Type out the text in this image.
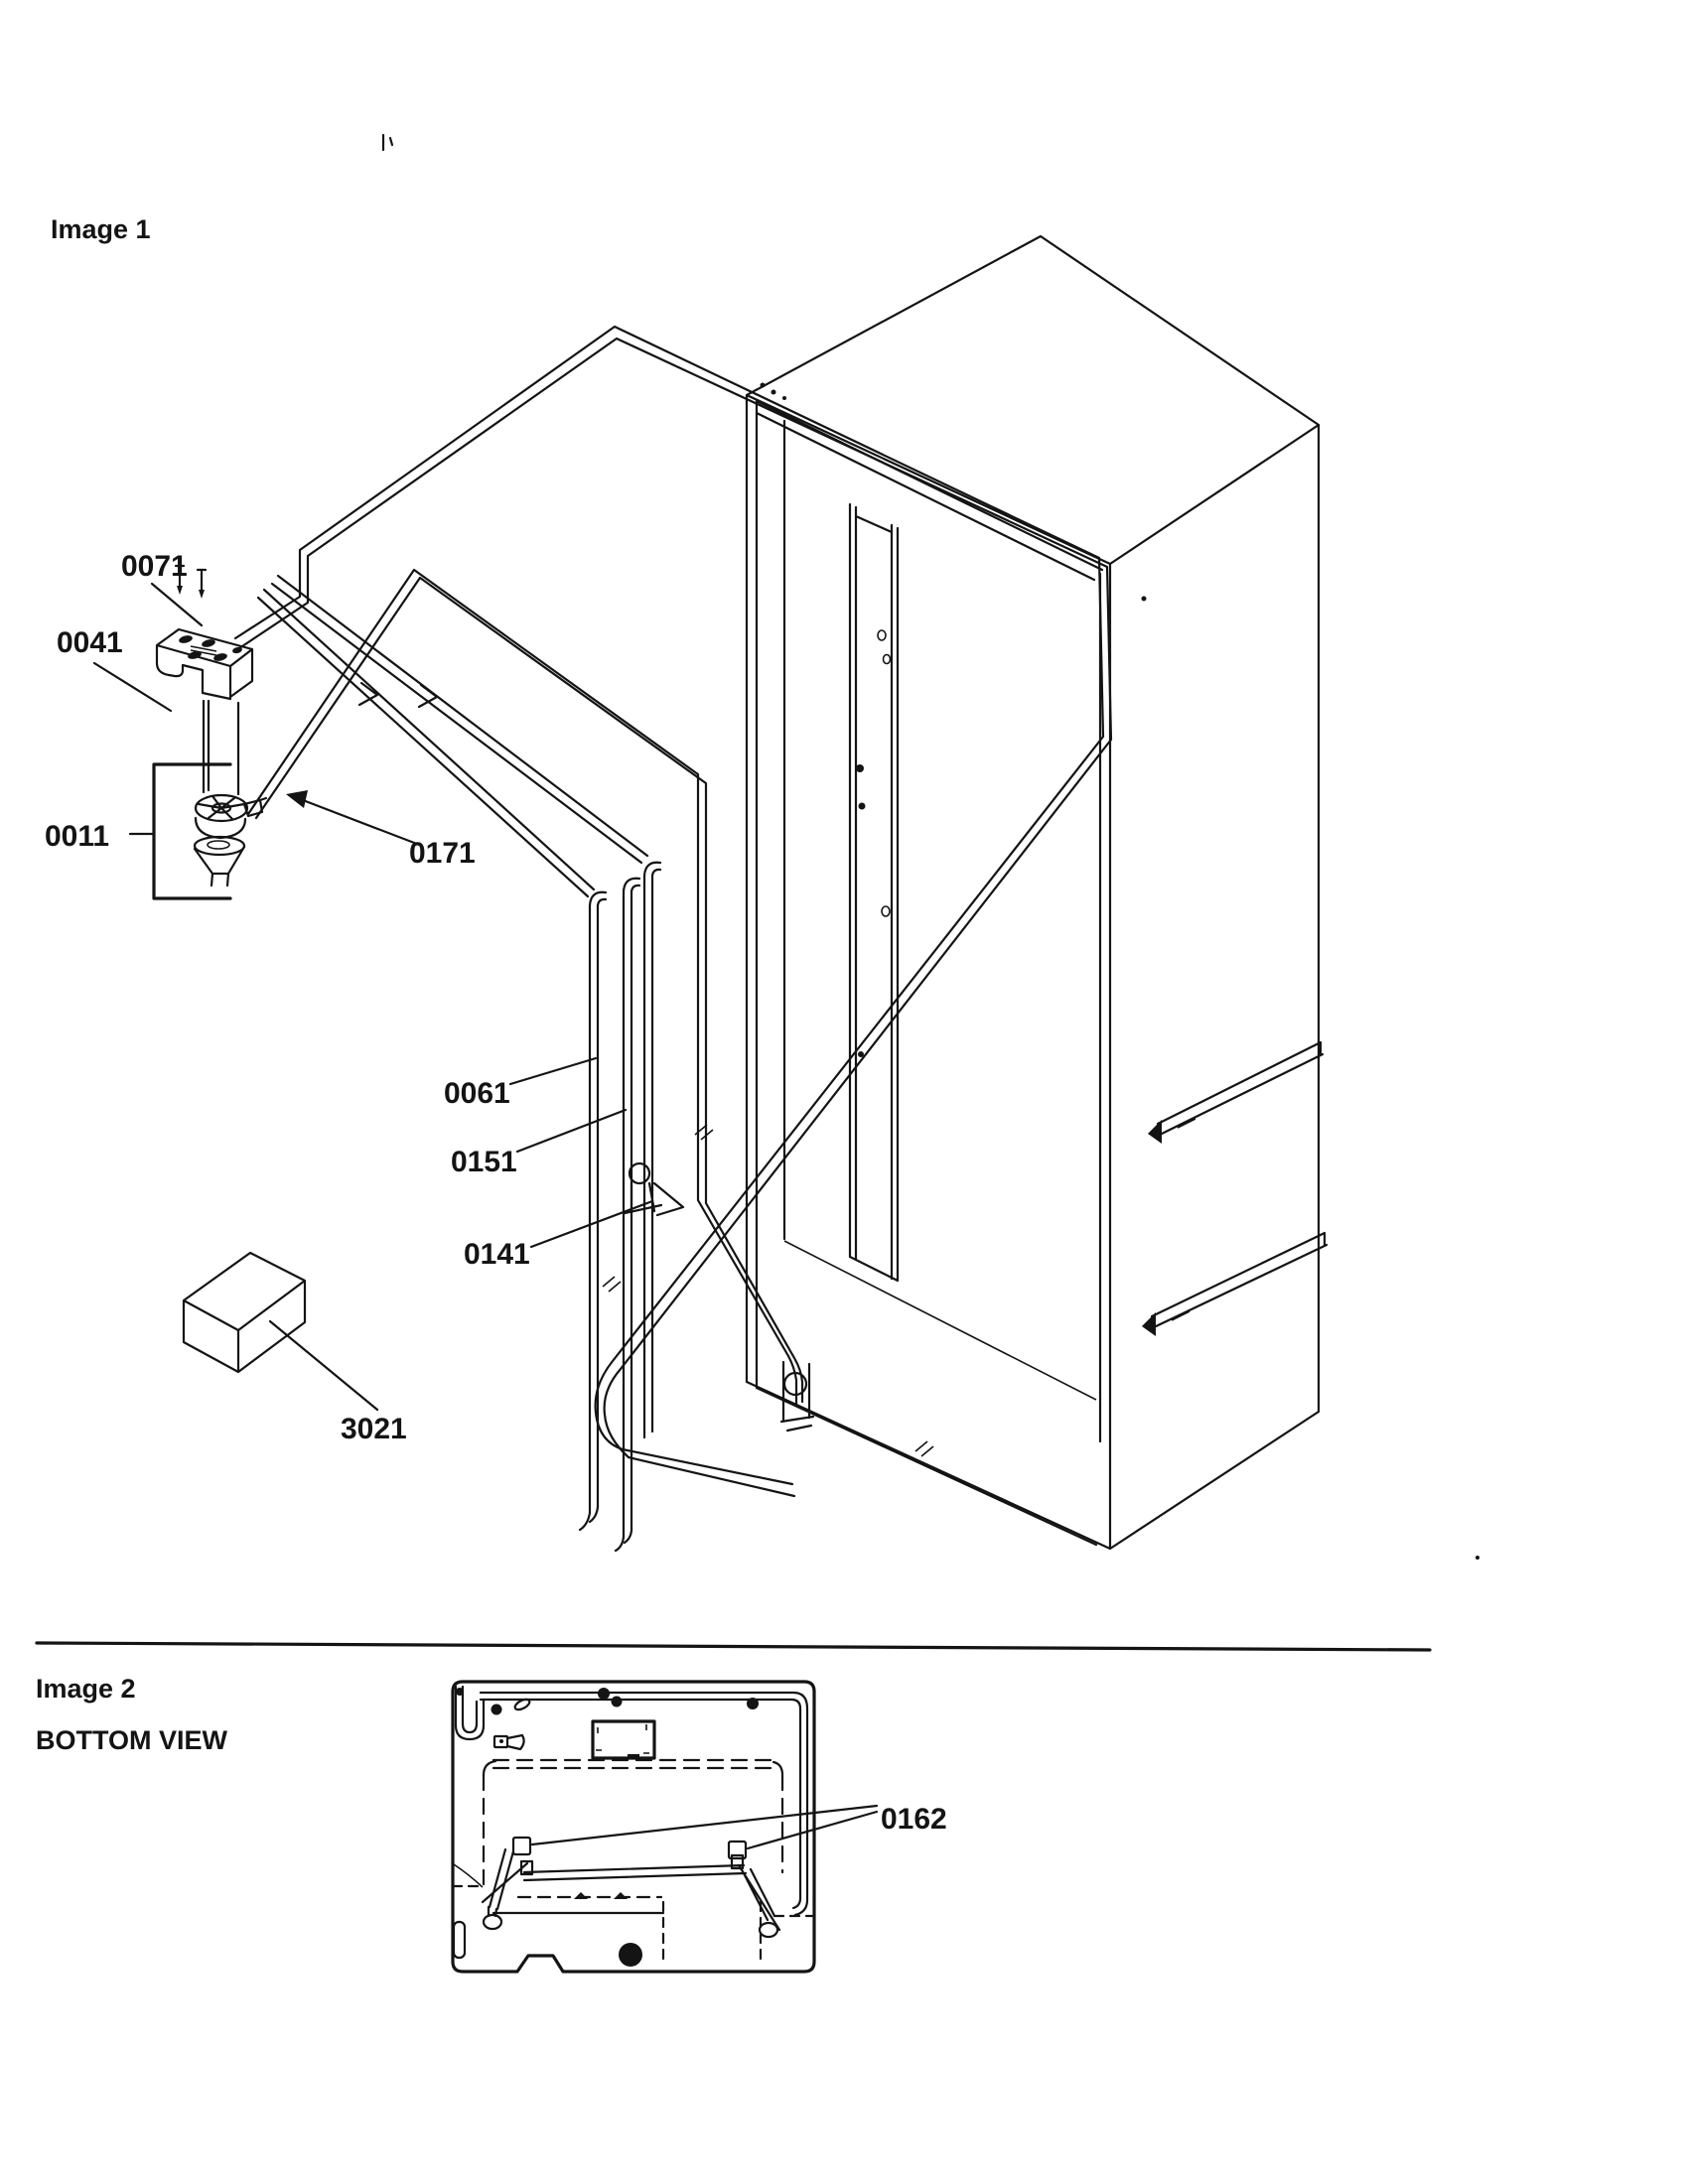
Image 1
0071
0041
0011
0171
0061
0151
0141
3021
Image 2
BOTTOM VIEW
0162
